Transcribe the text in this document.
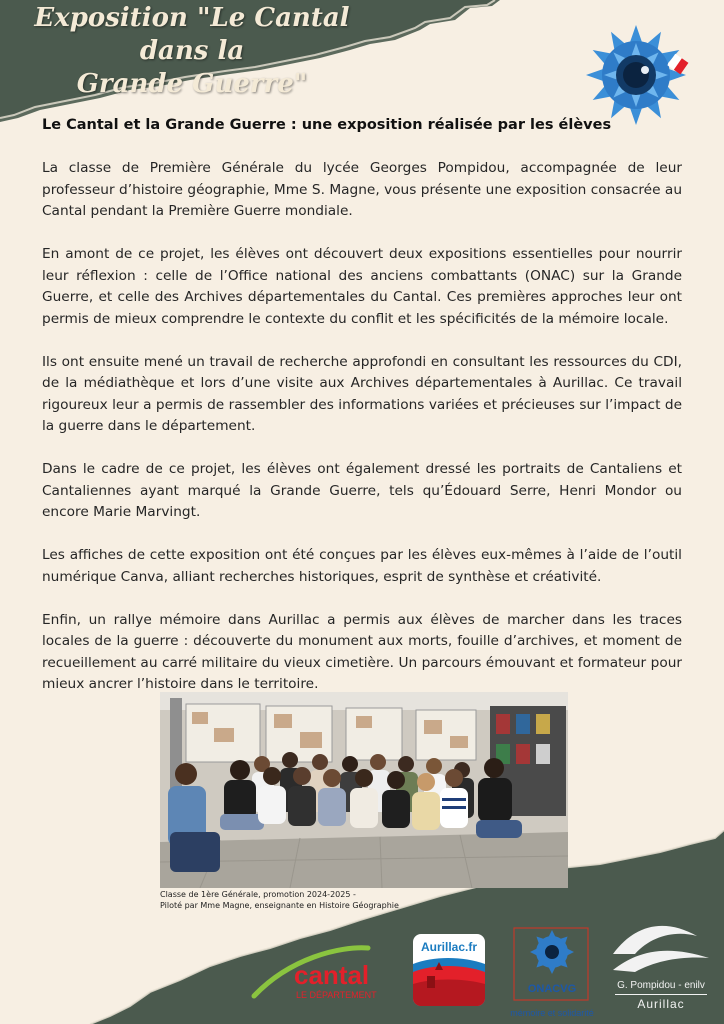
Exposition "Le Cantal dans la
Grande Guerre"
Le Cantal et la Grande Guerre : une exposition réalisée par les élèves

La classe de Première Générale du lycée Georges Pompidou, accompagnée de leur professeur d’histoire géographie, Mme S. Magne, vous présente une exposition consacrée au Cantal pendant la Première Guerre mondiale.

En amont de ce projet, les élèves ont découvert deux expositions essentielles pour nourrir leur réflexion : celle de l’Office national des anciens combattants (ONAC) sur la Grande Guerre, et celle des Archives départementales du Cantal. Ces premières approches leur ont permis de mieux comprendre le contexte du conflit et les spécificités de la mémoire locale.

Ils ont ensuite mené un travail de recherche approfondi en consultant les ressources du CDI, de la médiathèque et lors d’une visite aux Archives départementales à Aurillac. Ce travail rigoureux leur a permis de rassembler des informations variées et précieuses sur l’impact de la guerre dans le département.

Dans le cadre de ce projet, les élèves ont également dressé les portraits de Cantaliens et Cantaliennes ayant marqué la Grande Guerre, tels qu’Édouard Serre, Henri Mondor ou encore Marie Marvingt.

Les affiches de cette exposition ont été conçues par les élèves eux-mêmes à l’aide de l’outil numérique Canva, alliant recherches historiques, esprit de synthèse et créativité.

Enfin, un rallye mémoire dans Aurillac a permis aux élèves de marcher dans les traces locales de la guerre : découverte du monument aux morts, fouille d’archives, et moment de recueillement au carré militaire du vieux cimetière. Un parcours émouvant et formateur pour mieux ancrer l’histoire dans le territoire.

Classe de 1ère Générale, promotion 2024-2025 -
Piloté par Mme Magne, enseignante en Histoire Géographie
cantal
LE DÉPARTEMENT
Aurillac.fr
ONACVG
mémoire et solidarité
G. Pompidou - enilv
Aurillac
